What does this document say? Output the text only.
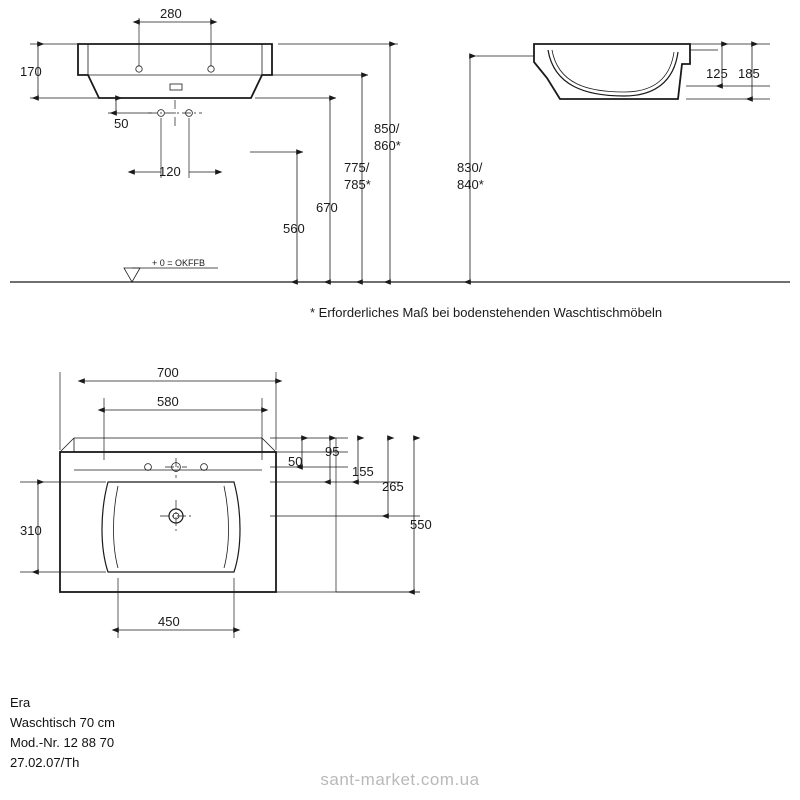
280
170
50
120
+ 0 = OKFFB
560
670
775/
785*
850/
860*
125 185
830/
840*
* Erforderliches Maß bei bodenstehenden Waschtischmöbeln
700
580
450
310
50
95
155
265
550
Era
Waschtisch 70 cm
Mod.-Nr. 12 88 70
27.02.07/Th
sant-market.com.ua
